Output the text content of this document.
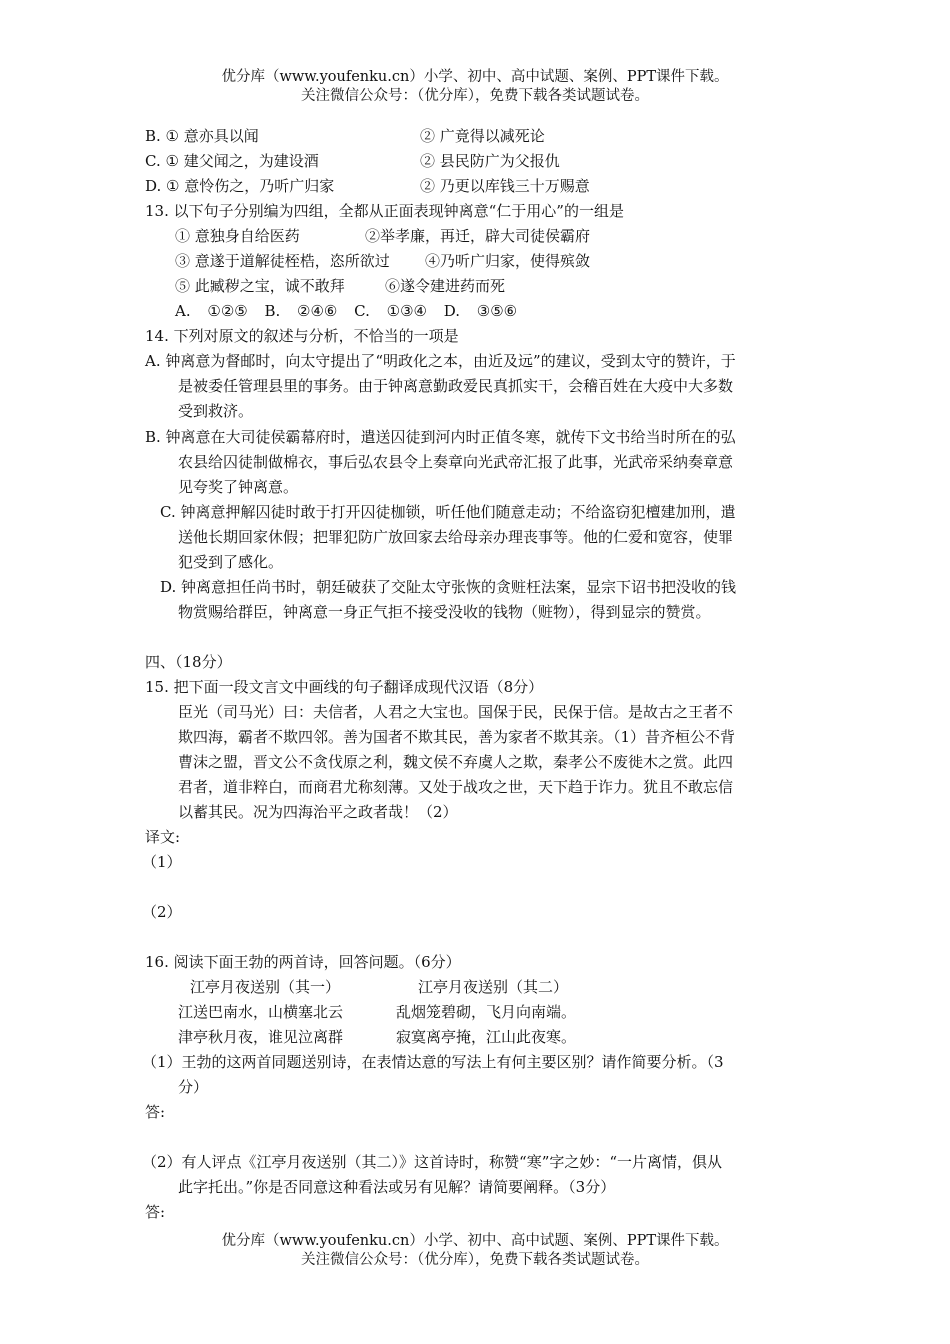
优分库（www.youfenku.cn）小学、初中、高中试题、案例、PPT课件下载。
关注微信公众号：（优分库），免费下载各类试题试卷。
B. ① 意亦具以闻	② 广竟得以减死论
C. ① 建父闻之，为建设酒	② 县民防广为父报仇
D. ① 意怜伤之，乃听广归家	② 乃更以库钱三十万赐意
13. 以下句子分别编为四组，全都从正面表现钟离意“仁于用心”的一组是
① 意独身自给医药	②举孝廉，再迁，辟大司徒侯霸府
③ 意遂于道解徒桎梏，恣所欲过 ④乃听广归家，使得殡敛
⑤ 此臧秽之宝，诚不敢拜	⑥遂令建进药而死
A. ①②⑤ B. ②④⑥ C. ①③④ D. ③⑤⑥
14. 下列对原文的叙述与分析，不恰当的一项是
A. 钟离意为督邮时，向太守提出了“明政化之本，由近及远”的建议，受到太守的赞许，于
是被委任管理县里的事务。由于钟离意勤政爱民真抓实干，会稽百姓在大疫中大多数
受到救济。
B. 钟离意在大司徒侯霸幕府时，遣送囚徒到河内时正值冬寒，就传下文书给当时所在的弘
农县给囚徒制做棉衣，事后弘农县令上奏章向光武帝汇报了此事，光武帝采纳奏章意
见夸奖了钟离意。
C. 钟离意押解囚徒时敢于打开囚徒枷锁，听任他们随意走动；不给盗窃犯檀建加刑，遣
送他长期回家休假；把罪犯防广放回家去给母亲办理丧事等。他的仁爱和宽容，使罪
犯受到了感化。
D. 钟离意担任尚书时，朝廷破获了交阯太守张恢的贪赃枉法案，显宗下诏书把没收的钱
物赏赐给群臣，钟离意一身正气拒不接受没收的钱物（赃物），得到显宗的赞赏。
四、（18分）
15. 把下面一段文言文中画线的句子翻译成现代汉语（8分）
臣光（司马光）曰：夫信者，人君之大宝也。国保于民，民保于信。是故古之王者不
欺四海，霸者不欺四邻。善为国者不欺其民，善为家者不欺其亲。（1）昔齐桓公不背
曹沫之盟，晋文公不贪伐原之利，魏文侯不弃虞人之欺，秦孝公不废徙木之赏。此四
君者，道非粹白，而商君尤称刻薄。又处于战攻之世，天下趋于诈力。犹且不敢忘信
以蓄其民。况为四海治平之政者哉！（2）
译文:
（1）
（2）
16. 阅读下面王勃的两首诗，回答问题。（6分）
江亭月夜送别（其一）	江亭月夜送别（其二）
江送巴南水，山横塞北云	乱烟笼碧砌，飞月向南端。
津亭秋月夜，谁见泣离群	寂寞离亭掩，江山此夜寒。
（1）王勃的这两首同题送别诗，在表情达意的写法上有何主要区别？请作简要分析。（3
分）
答:
（2）有人评点《江亭月夜送别（其二）》这首诗时，称赞“寒”字之妙：“一片离情，俱从
此字托出。”你是否同意这种看法或另有见解？请简要阐释。（3分）
答:
优分库（www.youfenku.cn）小学、初中、高中试题、案例、PPT课件下载。
关注微信公众号：（优分库），免费下载各类试题试卷。
